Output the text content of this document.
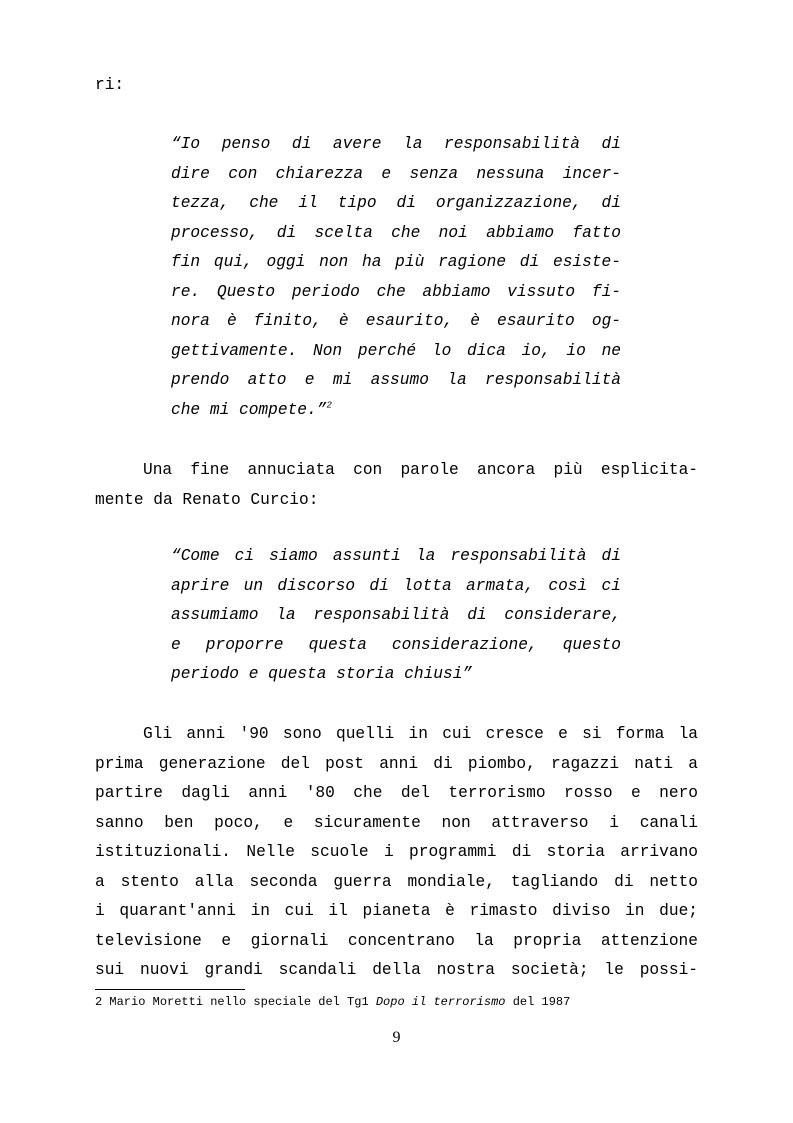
ri:
“Io penso di avere la responsabilità di
dire con chiarezza e senza nessuna incer-
tezza, che il tipo di organizzazione, di
processo, di scelta che noi abbiamo fatto
fin qui, oggi non ha più ragione di esiste-
re. Questo periodo che abbiamo vissuto fi-
nora è finito, è esaurito, è esaurito og-
gettivamente. Non perché lo dica io, io ne
prendo atto e mi assumo la responsabilità
che mi compete.”$^2$
Una fine annuciata con parole ancora più esplicita-
mente da Renato Curcio:
“Come ci siamo assunti la responsabilità di
aprire un discorso di lotta armata, così ci
assumiamo la responsabilità di considerare,
e proporre questa considerazione, questo
periodo e questa storia chiusi”
Gli anni '90 sono quelli in cui cresce e si forma la
prima generazione del post anni di piombo, ragazzi nati a
partire dagli anni '80 che del terrorismo rosso e nero
sanno ben poco, e sicuramente non attraverso i canali
istituzionali. Nelle scuole i programmi di storia arrivano
a stento alla seconda guerra mondiale, tagliando di netto
i quarant'anni in cui il pianeta è rimasto diviso in due;
televisione e giornali concentrano la propria attenzione
sui nuovi grandi scandali della nostra società; le possi-
2 Mario Moretti nello speciale del Tg1 Dopo il terrorismo del 1987
9
